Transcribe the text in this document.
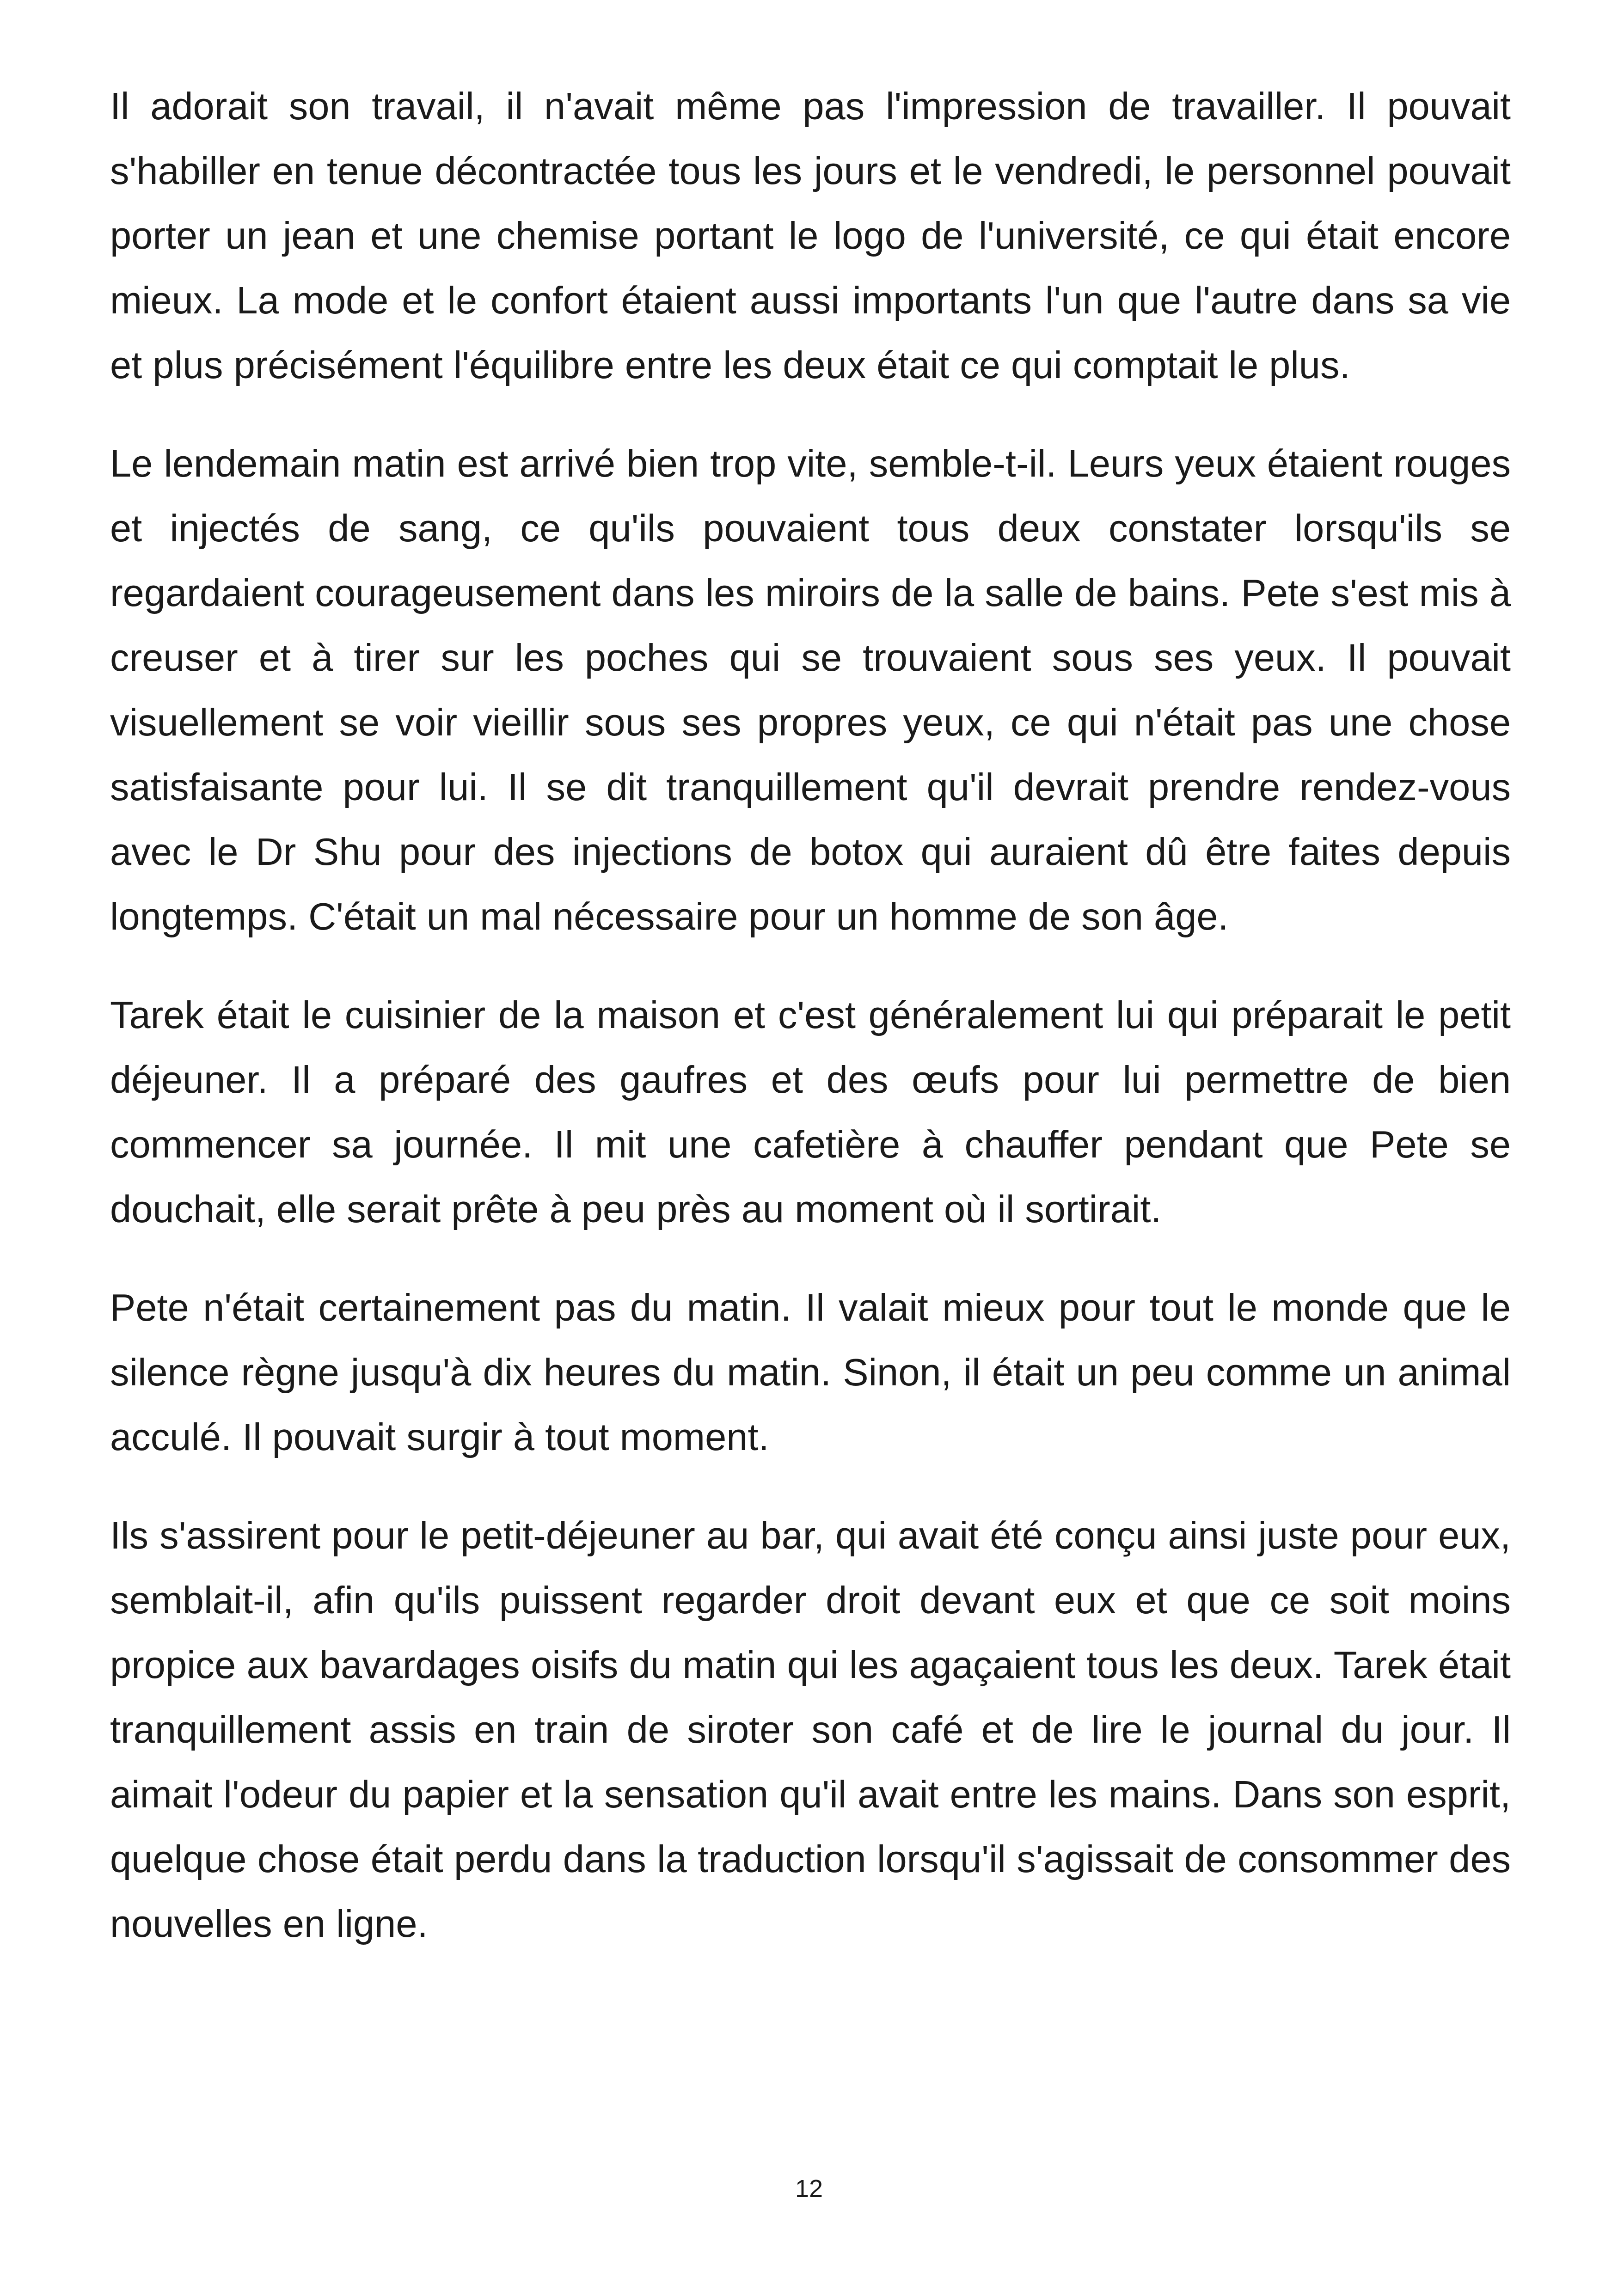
Il adorait son travail, il n'avait même pas l'impression de travailler. Il pouvait s'habiller en tenue décontractée tous les jours et le vendredi, le personnel pouvait porter un jean et une chemise portant le logo de l'université, ce qui était encore mieux. La mode et le confort étaient aussi importants l'un que l'autre dans sa vie et plus précisément l'équilibre entre les deux était ce qui comptait le plus.

Le lendemain matin est arrivé bien trop vite, semble-t-il. Leurs yeux étaient rouges et injectés de sang, ce qu'ils pouvaient tous deux constater lorsqu'ils se regardaient courageusement dans les miroirs de la salle de bains. Pete s'est mis à creuser et à tirer sur les poches qui se trouvaient sous ses yeux. Il pouvait visuellement se voir vieillir sous ses propres yeux, ce qui n'était pas une chose satisfaisante pour lui. Il se dit tranquillement qu'il devrait prendre rendez-vous avec le Dr Shu pour des injections de botox qui auraient dû être faites depuis longtemps. C'était un mal nécessaire pour un homme de son âge.

Tarek était le cuisinier de la maison et c'est généralement lui qui préparait le petit déjeuner. Il a préparé des gaufres et des œufs pour lui permettre de bien commencer sa journée. Il mit une cafetière à chauffer pendant que Pete se douchait, elle serait prête à peu près au moment où il sortirait.

Pete n'était certainement pas du matin. Il valait mieux pour tout le monde que le silence règne jusqu'à dix heures du matin. Sinon, il était un peu comme un animal acculé. Il pouvait surgir à tout moment.

Ils s'assirent pour le petit-déjeuner au bar, qui avait été conçu ainsi juste pour eux, semblait-il, afin qu'ils puissent regarder droit devant eux et que ce soit moins propice aux bavardages oisifs du matin qui les agaçaient tous les deux. Tarek était tranquillement assis en train de siroter son café et de lire le journal du jour. Il aimait l'odeur du papier et la sensation qu'il avait entre les mains. Dans son esprit, quelque chose était perdu dans la traduction lorsqu'il s'agissait de consommer des nouvelles en ligne.

12
